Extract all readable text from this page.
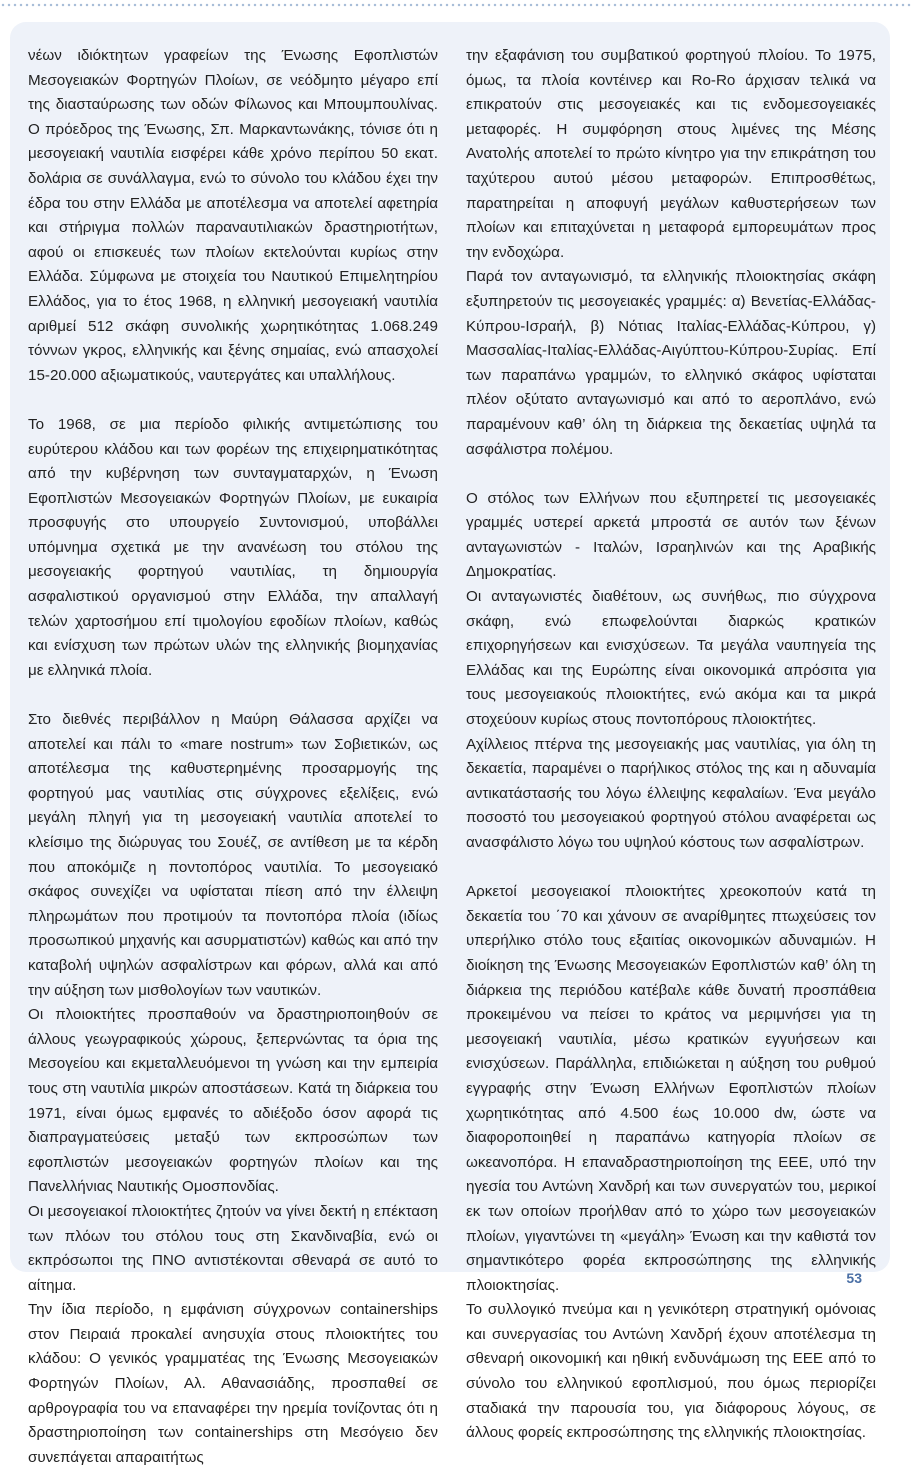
νέων ιδιόκτητων γραφείων της Ένωσης Εφοπλιστών Μεσογειακών Φορτηγών Πλοίων, σε νεόδμητο μέγαρο επί της διασταύρωσης των οδών Φίλωνος και Μπουμπουλίνας. Ο πρόεδρος της Ένωσης, Σπ. Μαρκαντωνάκης, τόνισε ότι η μεσογειακή ναυτιλία εισφέρει κάθε χρόνο περίπου 50 εκατ. δολάρια σε συνάλλαγμα, ενώ το σύνολο του κλάδου έχει την έδρα του στην Ελλάδα με αποτέλεσμα να αποτελεί αφετηρία και στήριγμα πολλών παραναυτιλιακών δραστηριοτήτων, αφού οι επισκευές των πλοίων εκτελούνται κυρίως στην Ελλάδα. Σύμφωνα με στοιχεία του Ναυτικού Επιμελητηρίου Ελλάδος, για το έτος 1968, η ελληνική μεσογειακή ναυτιλία αριθμεί 512 σκάφη συνολικής χωρητικότητας 1.068.249 τόννων γκρος, ελληνικής και ξένης σημαίας, ενώ απασχολεί 15-20.000 αξιωματικούς, ναυτεργάτες και υπαλλήλους.

Το 1968, σε μια περίοδο φιλικής αντιμετώπισης του ευρύτερου κλάδου και των φορέων της επιχειρηματικότητας από την κυβέρνηση των συνταγματαρχών, η Ένωση Εφοπλιστών Μεσογειακών Φορτηγών Πλοίων, με ευκαιρία προσφυγής στο υπουργείο Συντονισμού, υποβάλλει υπόμνημα σχετικά με την ανανέωση του στόλου της μεσογειακής φορτηγού ναυτιλίας, τη δημιουργία ασφαλιστικού οργανισμού στην Ελλάδα, την απαλλαγή τελών χαρτοσήμου επί τιμολογίου εφοδίων πλοίων, καθώς και ενίσχυση των πρώτων υλών της ελληνικής βιομηχανίας με ελληνικά πλοία.

Στο διεθνές περιβάλλον η Μαύρη Θάλασσα αρχίζει να αποτελεί και πάλι το «mare nostrum» των Σοβιετικών, ως αποτέλεσμα της καθυστερημένης προσαρμογής της φορτηγού μας ναυτιλίας στις σύγχρονες εξελίξεις, ενώ μεγάλη πληγή για τη μεσογειακή ναυτιλία αποτελεί το κλείσιμο της διώρυγας του Σουέζ, σε αντίθεση με τα κέρδη που αποκόμιζε η ποντοπόρος ναυτιλία. Το μεσογειακό σκάφος συνεχίζει να υφίσταται πίεση από την έλλειψη πληρωμάτων που προτιμούν τα ποντοπόρα πλοία (ιδίως προσωπικού μηχανής και ασυρματιστών) καθώς και από την καταβολή υψηλών ασφαλίστρων και φόρων, αλλά και από την αύξηση των μισθολογίων των ναυτικών.

Οι πλοιοκτήτες προσπαθούν να δραστηριοποιηθούν σε άλλους γεωγραφικούς χώρους, ξεπερνώντας τα όρια της Μεσογείου και εκμεταλλευόμενοι τη γνώση και την εμπειρία τους στη ναυτιλία μικρών αποστάσεων. Κατά τη διάρκεια του 1971, είναι όμως εμφανές το αδιέξοδο όσον αφορά τις διαπραγματεύσεις μεταξύ των εκπροσώπων των εφοπλιστών μεσογειακών φορτηγών πλοίων και της Πανελλήνιας Ναυτικής Ομοσπονδίας.

Οι μεσογειακοί πλοιοκτήτες ζητούν να γίνει δεκτή η επέκταση των πλόων του στόλου τους στη Σκανδιναβία, ενώ οι εκπρόσωποι της ΠΝΟ αντιστέκονται σθεναρά σε αυτό το αίτημα.

Την ίδια περίοδο, η εμφάνιση σύγχρονων containerships στον Πειραιά προκαλεί ανησυχία στους πλοιοκτήτες του κλάδου: Ο γενικός γραμματέας της Ένωσης Μεσογειακών Φορτηγών Πλοίων, Αλ. Αθανασιάδης, προσπαθεί σε αρθρογραφία του να επαναφέρει την ηρεμία τονίζοντας ότι η δραστηριοποίηση των containerships στη Μεσόγειο δεν συνεπάγεται απαραιτήτως

την εξαφάνιση του συμβατικού φορτηγού πλοίου. Το 1975, όμως, τα πλοία κοντέινερ και Ro-Ro άρχισαν τελικά να επικρατούν στις μεσογειακές και τις ενδομεσογειακές μεταφορές. Η συμφόρηση στους λιμένες της Μέσης Ανατολής αποτελεί το πρώτο κίνητρο για την επικράτηση του ταχύτερου αυτού μέσου μεταφορών. Επιπροσθέτως, παρατηρείται η αποφυγή μεγάλων καθυστερήσεων των πλοίων και επιταχύνεται η μεταφορά εμπορευμάτων προς την ενδοχώρα.

Παρά τον ανταγωνισμό, τα ελληνικής πλοιοκτησίας σκάφη εξυπηρετούν τις μεσογειακές γραμμές: α) Βενετίας-Ελλάδας-Κύπρου-Ισραήλ, β) Νότιας Ιταλίας-Ελλάδας-Κύπρου, γ) Μασσαλίας-Ιταλίας-Ελλάδας-Αιγύπτου-Κύπρου-Συρίας. Επί των παραπάνω γραμμών, το ελληνικό σκάφος υφίσταται πλέον οξύτατο ανταγωνισμό και από το αεροπλάνο, ενώ παραμένουν καθ’ όλη τη διάρκεια της δεκαετίας υψηλά τα ασφάλιστρα πολέμου.

Ο στόλος των Ελλήνων που εξυπηρετεί τις μεσογειακές γραμμές υστερεί αρκετά μπροστά σε αυτόν των ξένων ανταγωνιστών - Ιταλών, Ισραηλινών και της Αραβικής Δημοκρατίας.

Οι ανταγωνιστές διαθέτουν, ως συνήθως, πιο σύγχρονα σκάφη, ενώ επωφελούνται διαρκώς κρατικών επιχορηγήσεων και ενισχύσεων. Τα μεγάλα ναυπηγεία της Ελλάδας και της Ευρώπης είναι οικονομικά απρόσιτα για τους μεσογειακούς πλοιοκτήτες, ενώ ακόμα και τα μικρά στοχεύουν κυρίως στους ποντοπόρους πλοιοκτήτες.

Αχίλλειος πτέρνα της μεσογειακής μας ναυτιλίας, για όλη τη δεκαετία, παραμένει ο παρήλικος στόλος της και η αδυναμία αντικατάστασής του λόγω έλλειψης κεφαλαίων. Ένα μεγάλο ποσοστό του μεσογειακού φορτηγού στόλου αναφέρεται ως ανασφάλιστο λόγω του υψηλού κόστους των ασφαλίστρων.

Αρκετοί μεσογειακοί πλοιοκτήτες χρεοκοπούν κατά τη δεκαετία του ΄70 και χάνουν σε αναρίθμητες πτωχεύσεις τον υπερήλικο στόλο τους εξαιτίας οικονομικών αδυναμιών. Η διοίκηση της Ένωσης Μεσογειακών Εφοπλιστών καθ’ όλη τη διάρκεια της περιόδου κατέβαλε κάθε δυνατή προσπάθεια προκειμένου να πείσει το κράτος να μεριμνήσει για τη μεσογειακή ναυτιλία, μέσω κρατικών εγγυήσεων και ενισχύσεων. Παράλληλα, επιδιώκεται η αύξηση του ρυθμού εγγραφής στην Ένωση Ελλήνων Εφοπλιστών πλοίων χωρητικότητας από 4.500 έως 10.000 dw, ώστε να διαφοροποιηθεί η παραπάνω κατηγορία πλοίων σε ωκεανοπόρα. Η επαναδραστηριοποίηση της ΕΕΕ, υπό την ηγεσία του Αντώνη Χανδρή και των συνεργατών του, μερικοί εκ των οποίων προήλθαν από το χώρο των μεσογειακών πλοίων, γιγαντώνει τη «μεγάλη» Ένωση και την καθιστά τον σημαντικότερο φορέα εκπροσώπησης της ελληνικής πλοιοκτησίας.

Το συλλογικό πνεύμα και η γενικότερη στρατηγική ομόνοιας και συνεργασίας του Αντώνη Χανδρή έχουν αποτέλεσμα τη σθεναρή οικονομική και ηθική ενδυνάμωση της ΕΕΕ από το σύνολο του ελληνικού εφοπλισμού, που όμως περιορίζει σταδιακά την παρουσία του, για διάφορους λόγους, σε άλλους φορείς εκπροσώπησης της ελληνικής πλοιοκτησίας.

53
